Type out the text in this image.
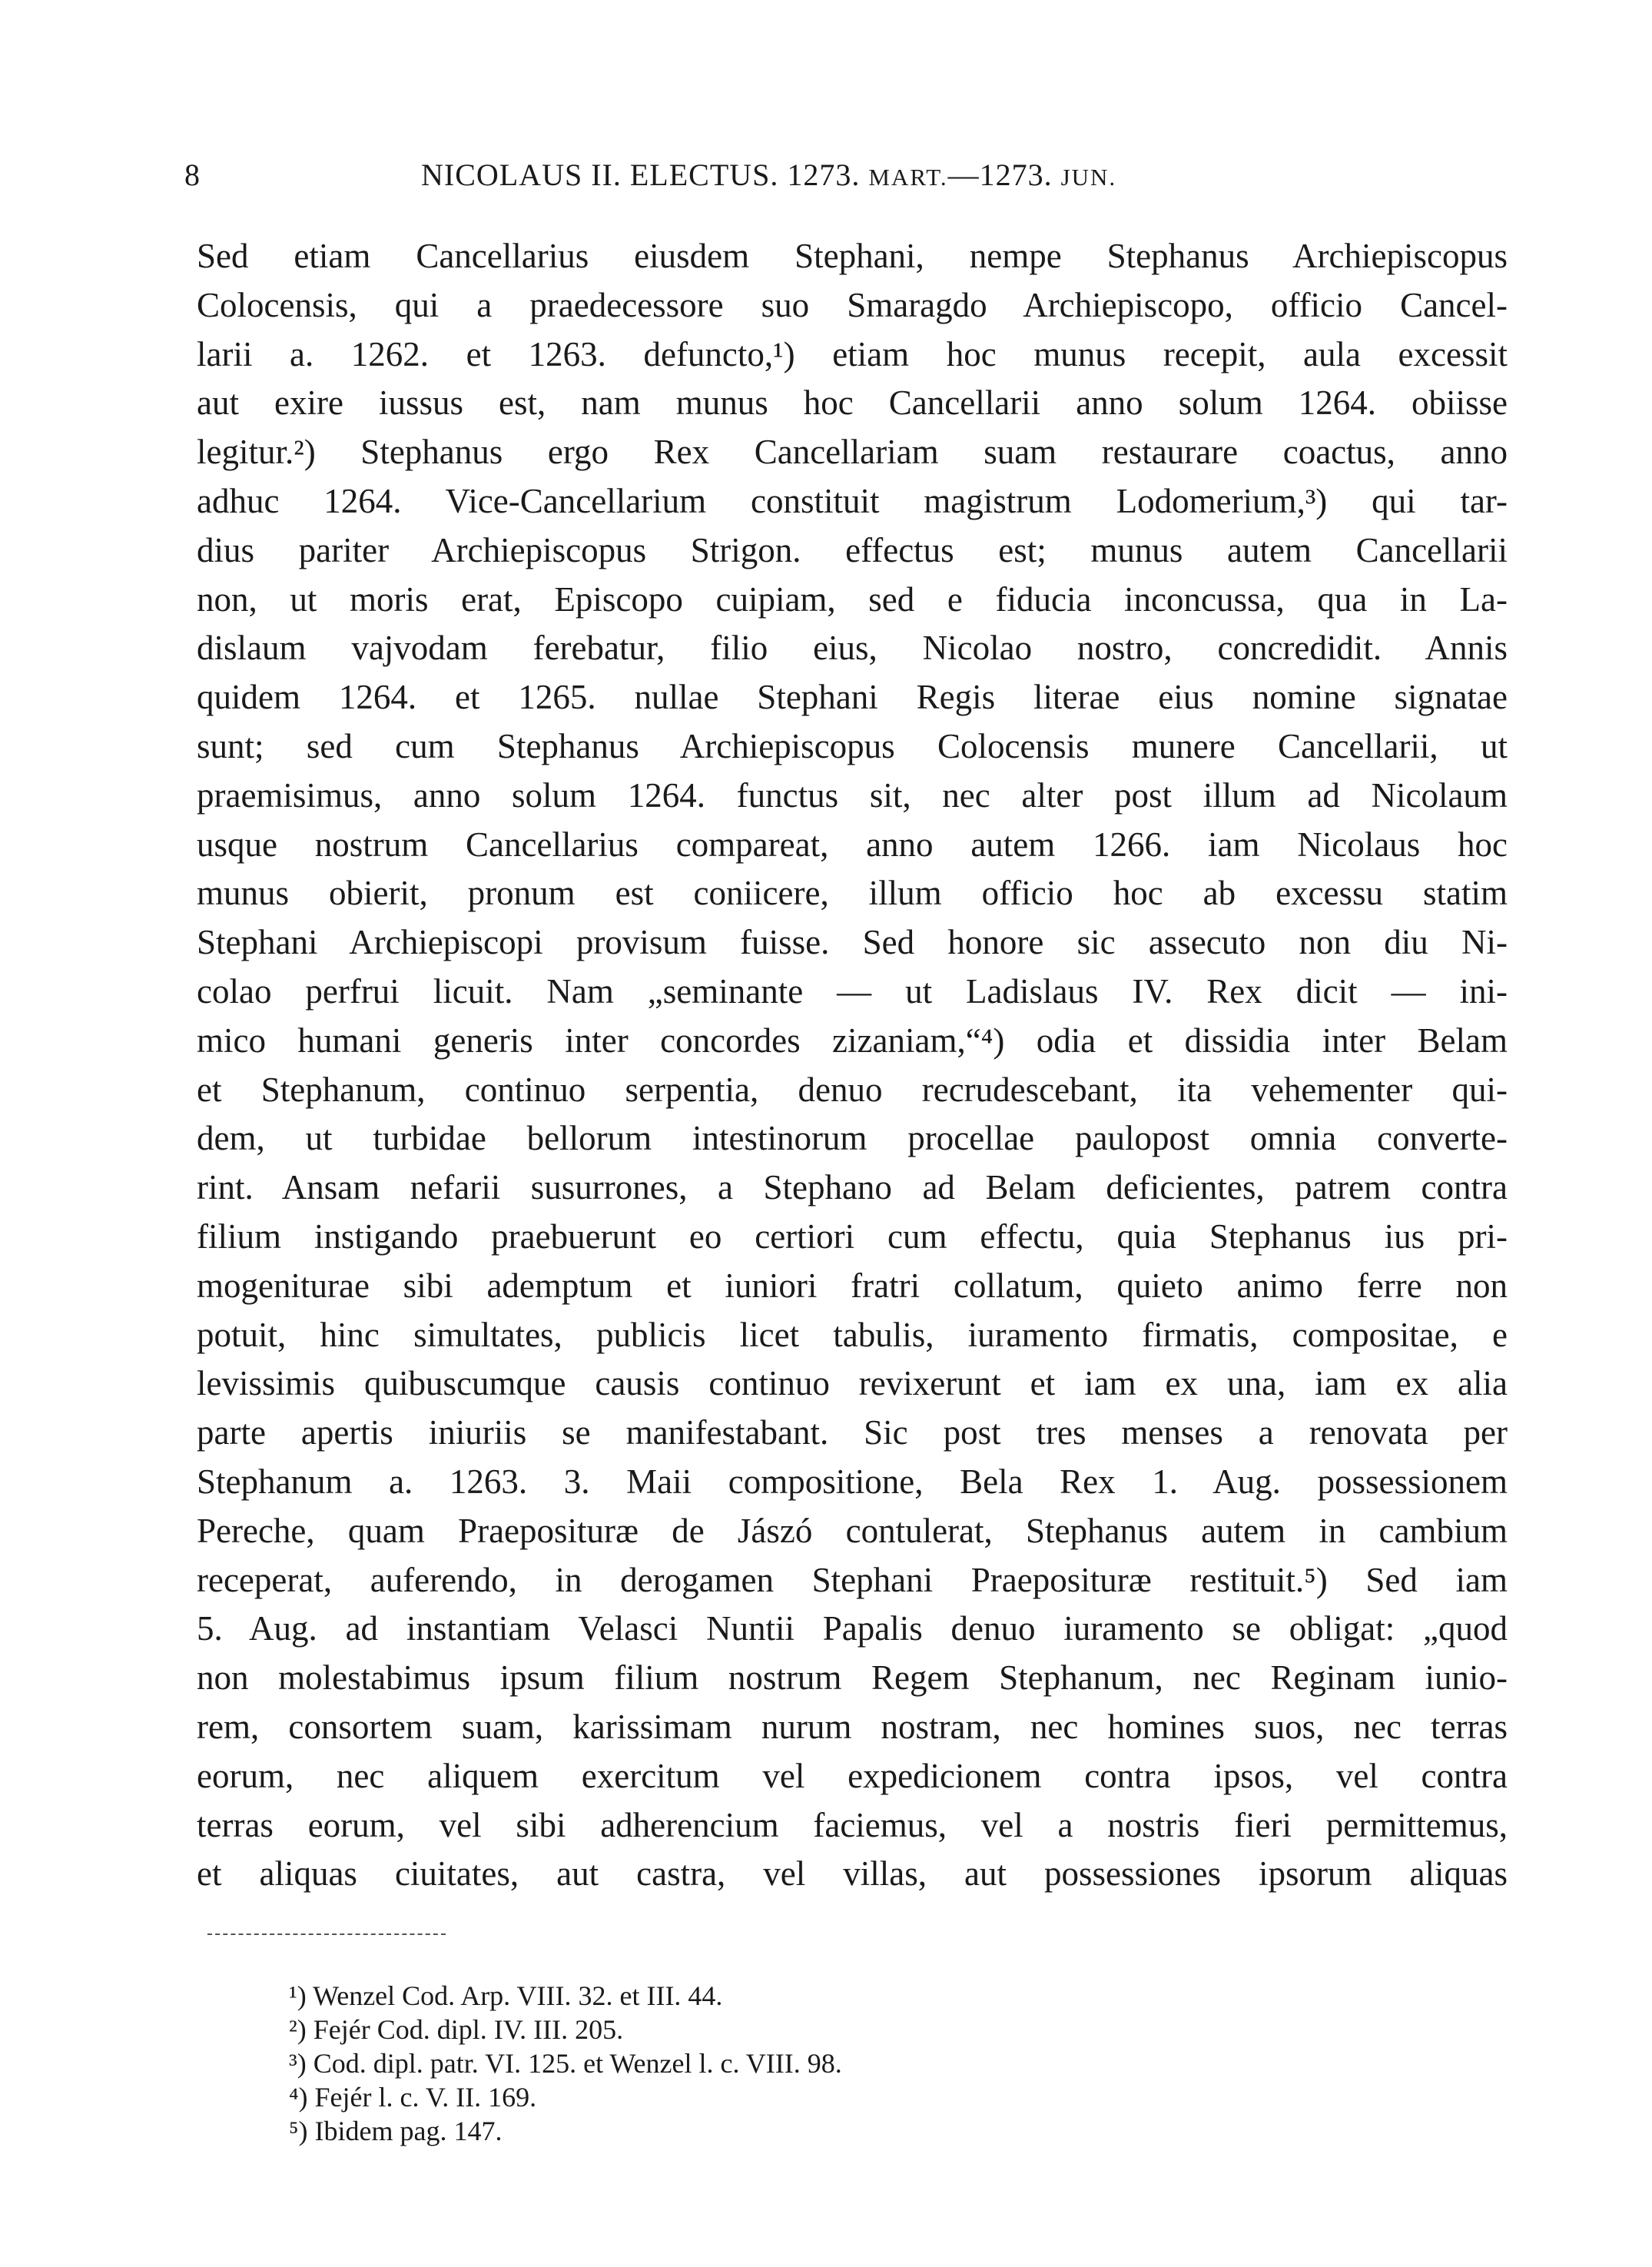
8	NICOLAUS II. ELECTUS. 1273. MART.—1273. JUN.
Sed etiam Cancellarius eiusdem Stephani, nempe Stephanus Archiepiscopus
Colocensis, qui a praedecessore suo Smaragdo Archiepiscopo, officio Cancel-
larii a. 1262. et 1263. defuncto,¹) etiam hoc munus recepit, aula excessit
aut exire iussus est, nam munus hoc Cancellarii anno solum 1264. obiisse
legitur.²) Stephanus ergo Rex Cancellariam suam restaurare coactus, anno
adhuc 1264. Vice-Cancellarium constituit magistrum Lodomerium,³) qui tar-
dius pariter Archiepiscopus Strigon. effectus est; munus autem Cancellarii
non, ut moris erat, Episcopo cuipiam, sed e fiducia inconcussa, qua in La-
dislaum vajvodam ferebatur, filio eius, Nicolao nostro, concredidit. Annis
quidem 1264. et 1265. nullae Stephani Regis literae eius nomine signatae
sunt; sed cum Stephanus Archiepiscopus Colocensis munere Cancellarii, ut
praemisimus, anno solum 1264. functus sit, nec alter post illum ad Nicolaum
usque nostrum Cancellarius compareat, anno autem 1266. iam Nicolaus hoc
munus obierit, pronum est coniicere, illum officio hoc ab excessu statim
Stephani Archiepiscopi provisum fuisse. Sed honore sic assecuto non diu Ni-
colao perfrui licuit. Nam „seminante — ut Ladislaus IV. Rex dicit — ini-
mico humani generis inter concordes zizaniam,“⁴) odia et dissidia inter Belam
et Stephanum, continuo serpentia, denuo recrudescebant, ita vehementer qui-
dem, ut turbidae bellorum intestinorum procellae paulopost omnia converte-
rint. Ansam nefarii susurrones, a Stephano ad Belam deficientes, patrem contra
filium instigando praebuerunt eo certiori cum effectu, quia Stephanus ius pri-
mogeniturae sibi ademptum et iuniori fratri collatum, quieto animo ferre non
potuit, hinc simultates, publicis licet tabulis, iuramento firmatis, compositae, e
levissimis quibuscumque causis continuo revixerunt et iam ex una, iam ex alia
parte apertis iniuriis se manifestabant. Sic post tres menses a renovata per
Stephanum a. 1263. 3. Maii compositione, Bela Rex 1. Aug. possessionem
Pereche, quam Praeposituræ de Jászó contulerat, Stephanus autem in cambium
receperat, auferendo, in derogamen Stephani Praeposituræ restituit.⁵) Sed iam
5. Aug. ad instantiam Velasci Nuntii Papalis denuo iuramento se obligat: „quod
non molestabimus ipsum filium nostrum Regem Stephanum, nec Reginam iunio-
rem, consortem suam, karissimam nurum nostram, nec homines suos, nec terras
eorum, nec aliquem exercitum vel expedicionem contra ipsos, vel contra
terras eorum, vel sibi adherencium faciemus, vel a nostris fieri permittemus,
et aliquas ciuitates, aut castra, vel villas, aut possessiones ipsorum aliquas
¹) Wenzel Cod. Arp. VIII. 32. et III. 44.
²) Fejér Cod. dipl. IV. III. 205.
³) Cod. dipl. patr. VI. 125. et Wenzel l. c. VIII. 98.
⁴) Fejér l. c. V. II. 169.
⁵) Ibidem pag. 147.
